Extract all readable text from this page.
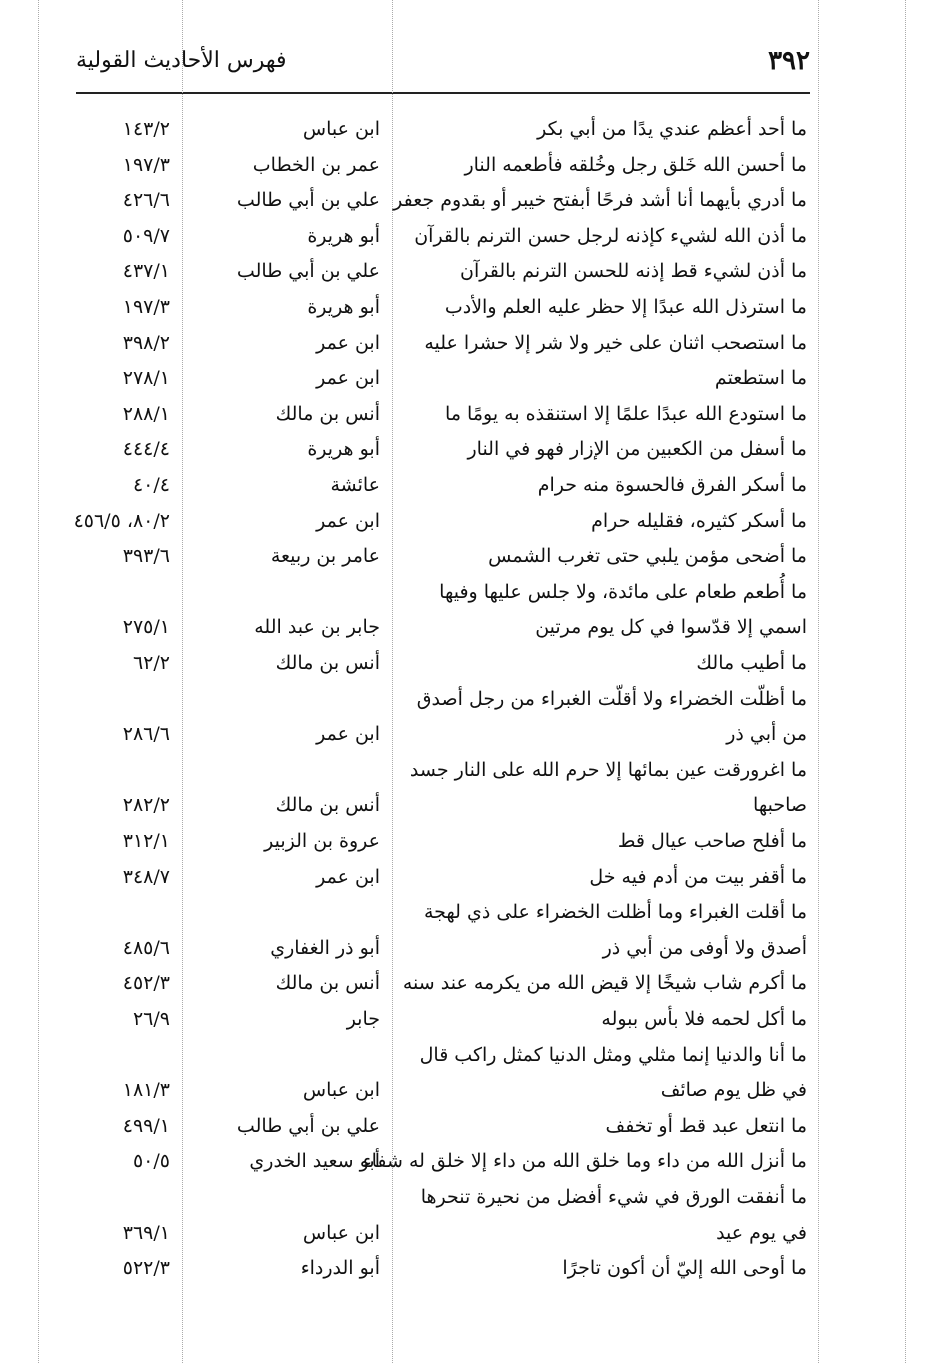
فهرس الأحاديث القولية	٣٩٢
ما أحد أعظم عندي يدًا من أبي بكر
ابن عباس
١٤٣/٢
ما أحسن الله خَلق رجل وخُلقه فأطعمه النار
عمر بن الخطاب
١٩٧/٣
ما أدري بأيهما أنا أشد فرحًا أبفتح خيبر أو بقدوم جعفر
علي بن أبي طالب
٤٢٦/٦
ما أذن الله لشيء كإذنه لرجل حسن الترنم بالقرآن
أبو هريرة
٥٠٩/٧
ما أذن لشيء قط إذنه للحسن الترنم بالقرآن
علي بن أبي طالب
٤٣٧/١
ما استرذل الله عبدًا إلا حظر عليه العلم والأدب
أبو هريرة
١٩٧/٣
ما استصحب اثنان على خير ولا شر إلا حشرا عليه
ابن عمر
٣٩٨/٢
ما استطعتم
ابن عمر
٢٧٨/١
ما استودع الله عبدًا علمًا إلا استنقذه به يومًا ما
أنس بن مالك
٢٨٨/١
ما أسفل من الكعبين من الإزار فهو في النار
أبو هريرة
٤٤٤/٤
ما أسكر الفرق فالحسوة منه حرام
عائشة
٤٠/٤
ما أسكر كثيره، فقليله حرام
ابن عمر
٨٠/٢، ٤٥٦/٥
ما أضحى مؤمن يلبي حتى تغرب الشمس
عامر بن ربيعة
٣٩٣/٦
ما أُطعم طعام على مائدة، ولا جلس عليها وفيها
اسمي إلا قدّسوا في كل يوم مرتين
جابر بن عبد الله
٢٧٥/١
ما أطيب مالك
أنس بن مالك
٦٢/٢
ما أظلّت الخضراء ولا أقلّت الغبراء من رجل أصدق
من أبي ذر
ابن عمر
٢٨٦/٦
ما اغرورقت عين بمائها إلا حرم الله على النار جسد
صاحبها
أنس بن مالك
٢٨٢/٢
ما أفلح صاحب عيال قط
عروة بن الزبير
٣١٢/١
ما أقفر بيت من أدم فيه خل
ابن عمر
٣٤٨/٧
ما أقلت الغبراء وما أظلت الخضراء على ذي لهجة
أصدق ولا أوفى من أبي ذر
أبو ذر الغفاري
٤٨٥/٦
ما أكرم شاب شيخًا إلا قيض الله من يكرمه عند سنه
أنس بن مالك
٤٥٢/٣
ما أكل لحمه فلا بأس ببوله
جابر
٢٦/٩
ما أنا والدنيا إنما مثلي ومثل الدنيا كمثل راكب قال
في ظل يوم صائف
ابن عباس
١٨١/٣
ما انتعل عبد قط أو تخفف
علي بن أبي طالب
٤٩٩/١
ما أنزل الله من داء وما خلق الله من داء إلا خلق له شفاء
أبو سعيد الخدري
٥٠/٥
ما أنفقت الورق في شيء أفضل من نحيرة تنحرها
في يوم عيد
ابن عباس
٣٦٩/١
ما أوحى الله إليّ أن أكون تاجرًا
أبو الدرداء
٥٢٢/٣
